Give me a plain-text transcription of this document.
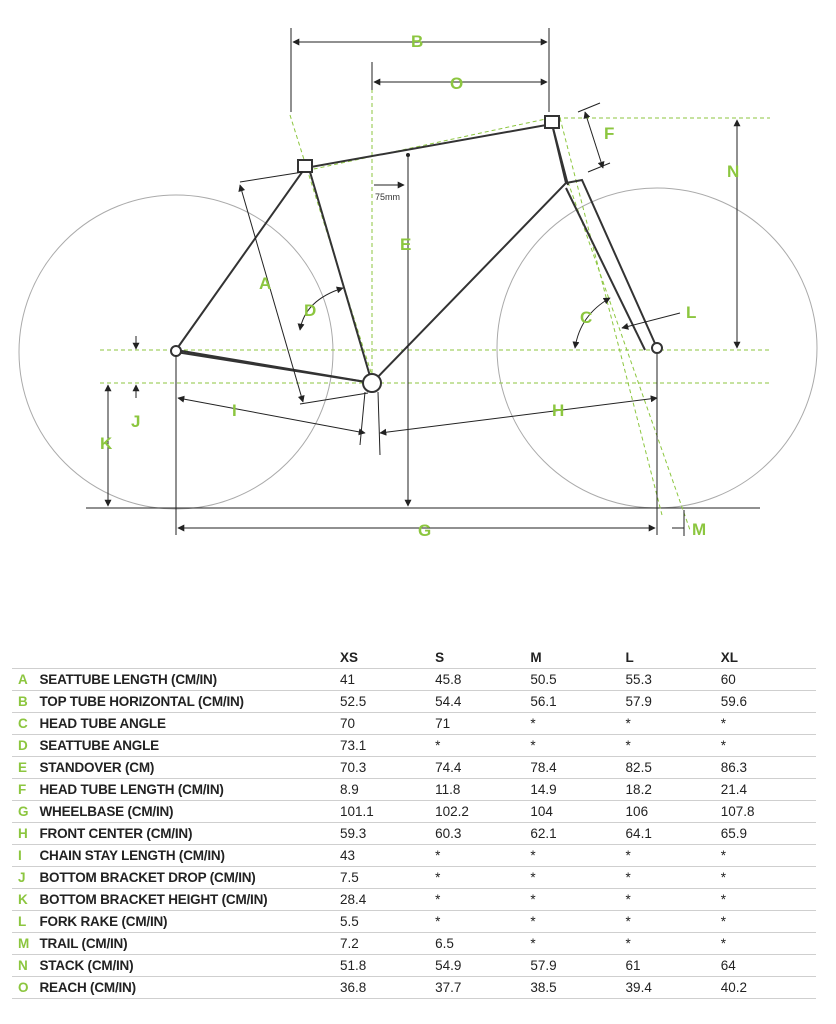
B
O
F
N
75mm
E
A
D	C	L
J
I	H
K
G	M
		XS	S	M	L	XL
A	SEATTUBE LENGTH (CM/IN)	41	45.8	50.5	55.3	60
B	TOP TUBE HORIZONTAL (CM/IN)	52.5	54.4	56.1	57.9	59.6
C	HEAD TUBE ANGLE	70	71	*	*	*
D	SEATTUBE ANGLE	73.1	*	*	*	*
E	STANDOVER (CM)	70.3	74.4	78.4	82.5	86.3
F	HEAD TUBE LENGTH (CM/IN)	8.9	11.8	14.9	18.2	21.4
G	WHEELBASE (CM/IN)	101.1	102.2	104	106	107.8
H	FRONT CENTER (CM/IN)	59.3	60.3	62.1	64.1	65.9
I	CHAIN STAY LENGTH (CM/IN)	43	*	*	*	*
J	BOTTOM BRACKET DROP (CM/IN)	7.5	*	*	*	*
K	BOTTOM BRACKET HEIGHT (CM/IN)	28.4	*	*	*	*
L	FORK RAKE (CM/IN)	5.5	*	*	*	*
M	TRAIL (CM/IN)	7.2	6.5	*	*	*
N	STACK (CM/IN)	51.8	54.9	57.9	61	64
O	REACH (CM/IN)	36.8	37.7	38.5	39.4	40.2
